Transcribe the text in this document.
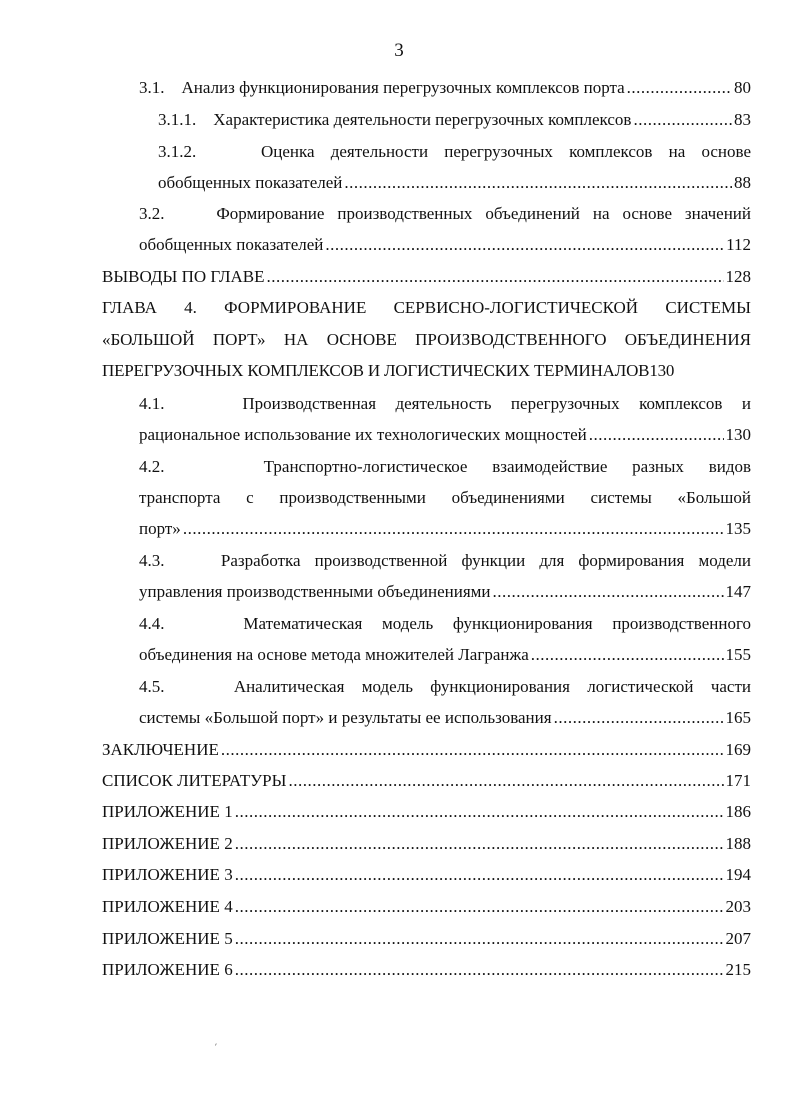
3
3.1. Анализ функционирования перегрузочных комплексов порта .....	80
3.1.1. Характеристика деятельности перегрузочных комплексов .....	83
3.1.2.	Оценка деятельности перегрузочных комплексов на основе
обобщенных показателей .....	88
3.2.	Формирование производственных объединений на основе значений
обобщенных показателей .....	112
ВЫВОДЫ ПО ГЛАВЕ .....	128
ГЛАВА 4. ФОРМИРОВАНИЕ СЕРВИСНО-ЛОГИСТИЧЕСКОЙ СИСТЕМЫ
«БОЛЬШОЙ ПОРТ» НА ОСНОВЕ ПРОИЗВОДСТВЕННОГО ОБЪЕДИНЕНИЯ
ПЕРЕГРУЗОЧНЫХ КОМПЛЕКСОВ И ЛОГИСТИЧЕСКИХ ТЕРМИНАЛОВ130
4.1.	Производственная деятельность перегрузочных комплексов и
рациональное использование их технологических мощностей .....	130
4.2.	Транспортно-логистическое взаимодействие разных видов
транспорта с производственными объединениями системы «Большой
порт» .....	135
4.3.	Разработка производственной функции для формирования модели
управления производственными объединениями .....	147
4.4.	Математическая модель функционирования производственного
объединения на основе метода множителей Лагранжа .....	155
4.5.	Аналитическая модель функционирования логистической части
системы «Большой порт» и результаты ее использования .....	165
ЗАКЛЮЧЕНИЕ .....	169
СПИСОК ЛИТЕРАТУРЫ .....	171
ПРИЛОЖЕНИЕ 1 .....	186
ПРИЛОЖЕНИЕ 2 .....	188
ПРИЛОЖЕНИЕ 3 .....	194
ПРИЛОЖЕНИЕ 4 .....	203
ПРИЛОЖЕНИЕ 5 .....	207
ПРИЛОЖЕНИЕ 6 .....	215
ˊ
